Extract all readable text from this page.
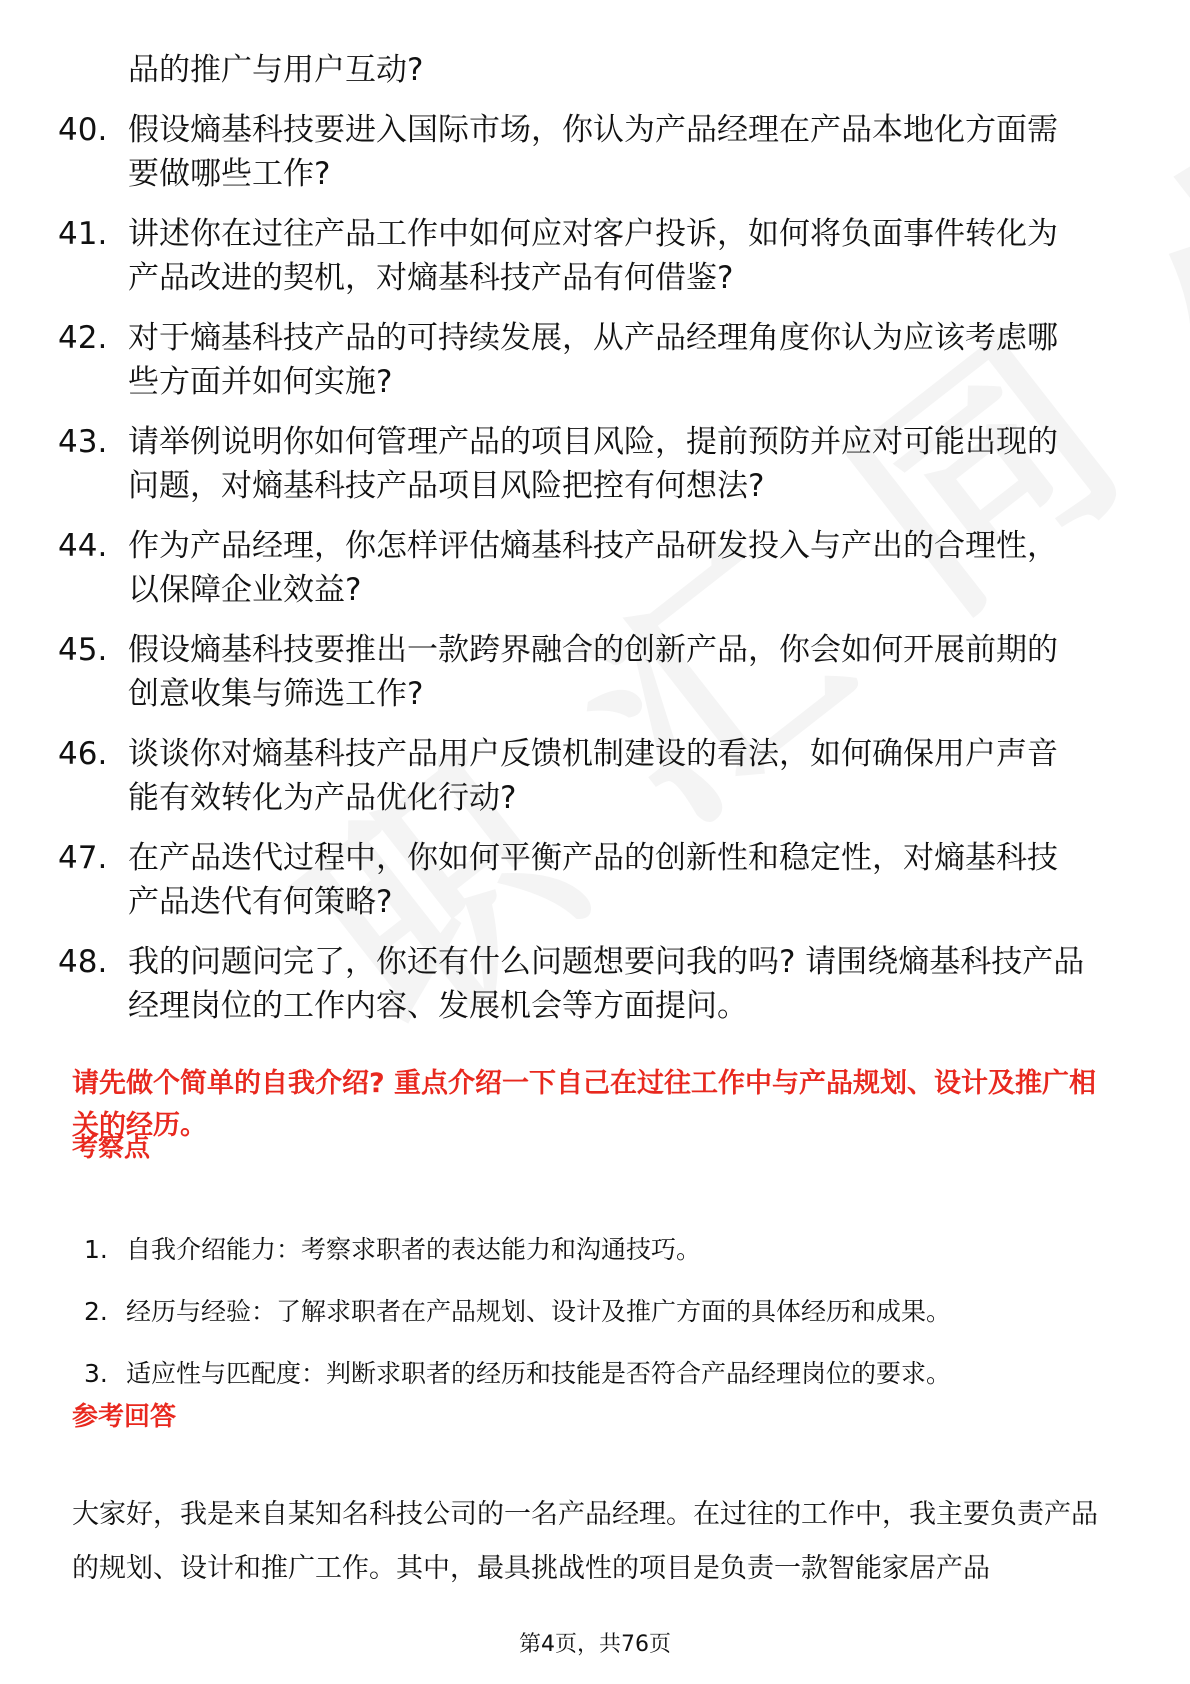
品的推广与用户互动?
40. 假设熵基科技要进入国际市场，你认为产品经理在产品本地化方面需要做哪些工作?
41. 讲述你在过往产品工作中如何应对客户投诉，如何将负面事件转化为产品改进的契机，对熵基科技产品有何借鉴?
42. 对于熵基科技产品的可持续发展，从产品经理角度你认为应该考虑哪些方面并如何实施?
43. 请举例说明你如何管理产品的项目风险，提前预防并应对可能出现的问题，对熵基科技产品项目风险把控有何想法?
44. 作为产品经理，你怎样评估熵基科技产品研发投入与产出的合理性，以保障企业效益?
45. 假设熵基科技要推出一款跨界融合的创新产品，你会如何开展前期的创意收集与筛选工作?
46. 谈谈你对熵基科技产品用户反馈机制建设的看法，如何确保用户声音能有效转化为产品优化行动?
47. 在产品迭代过程中，你如何平衡产品的创新性和稳定性，对熵基科技产品迭代有何策略?
48. 我的问题问完了，你还有什么问题想要问我的吗? 请围绕熵基科技产品经理岗位的工作内容、发展机会等方面提问。
请先做个简单的自我介绍? 重点介绍一下自己在过往工作中与产品规划、设计及推广相关的经历。
考察点
1. 自我介绍能力：考察求职者的表达能力和沟通技巧。
2. 经历与经验：了解求职者在产品规划、设计及推广方面的具体经历和成果。
3. 适应性与匹配度：判断求职者的经历和技能是否符合产品经理岗位的要求。
参考回答
大家好，我是来自某知名科技公司的一名产品经理。在过往的工作中，我主要负责产品的规划、设计和推广工作。其中，最具挑战性的项目是负责一款智能家居产品
第4页，共76页
